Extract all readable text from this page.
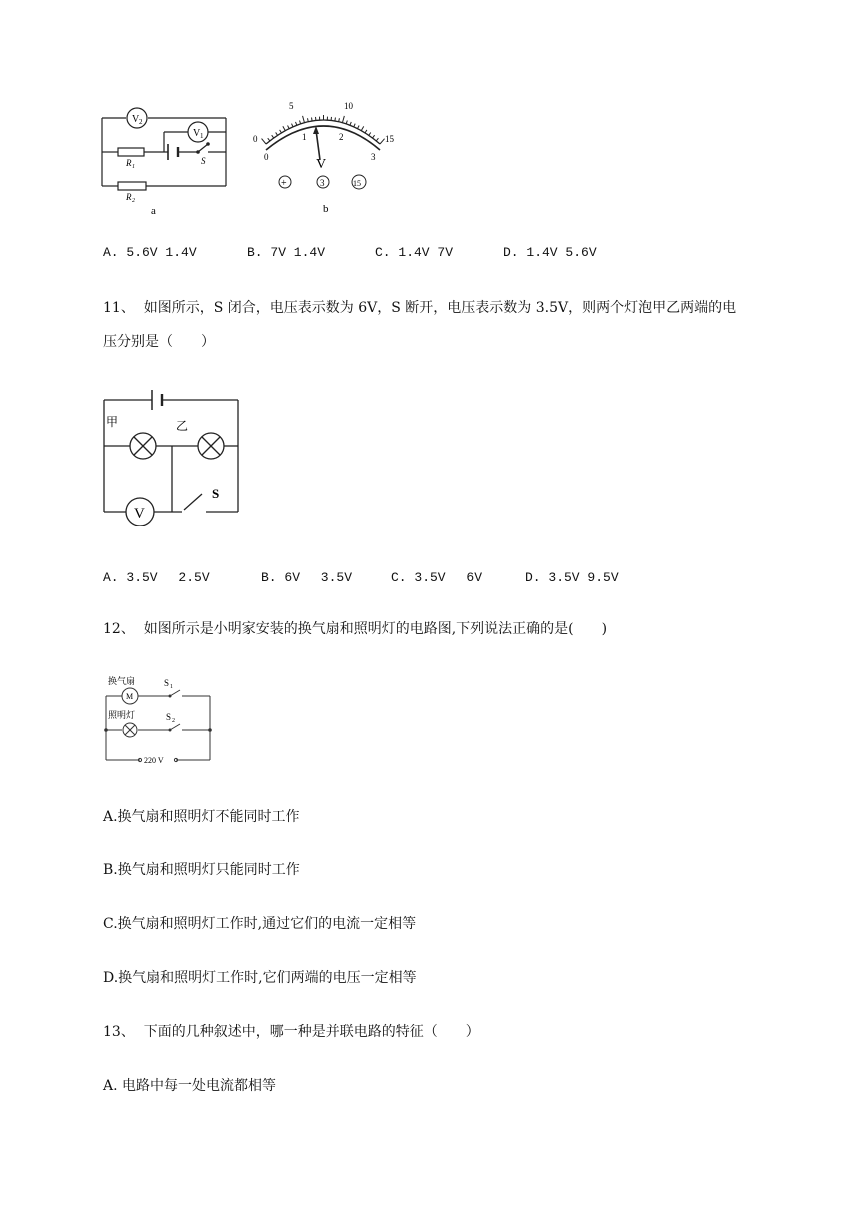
V 2
V 1
R 1
R 2
S
a
0
5	10
15
0
1	2
3
V
+	3	15
b
A. 5.6V 1.4V	B. 7V 1.4V	C. 1.4V 7V	D. 1.4V 5.6V
11、 如图所示，S 闭合，电压表示数为 6V，S 断开，电压表示数为 3.5V，则两个灯泡甲乙两端的电
压分别是（　　）
甲	乙
S
V
A. 3.5V　 2.5V	B. 6V　 3.5V	C. 3.5V　 6V	D. 3.5V 9.5V
12、 如图所示是小明家安装的换气扇和照明灯的电路图,下列说法正确的是(　　)
M
换气扇
照明灯
S 1
S 2
220 V
A.换气扇和照明灯不能同时工作
B.换气扇和照明灯只能同时工作
C.换气扇和照明灯工作时,通过它们的电流一定相等
D.换气扇和照明灯工作时,它们两端的电压一定相等
13、 下面的几种叙述中，哪一种是并联电路的特征（　　）
A. 电路中每一处电流都相等
